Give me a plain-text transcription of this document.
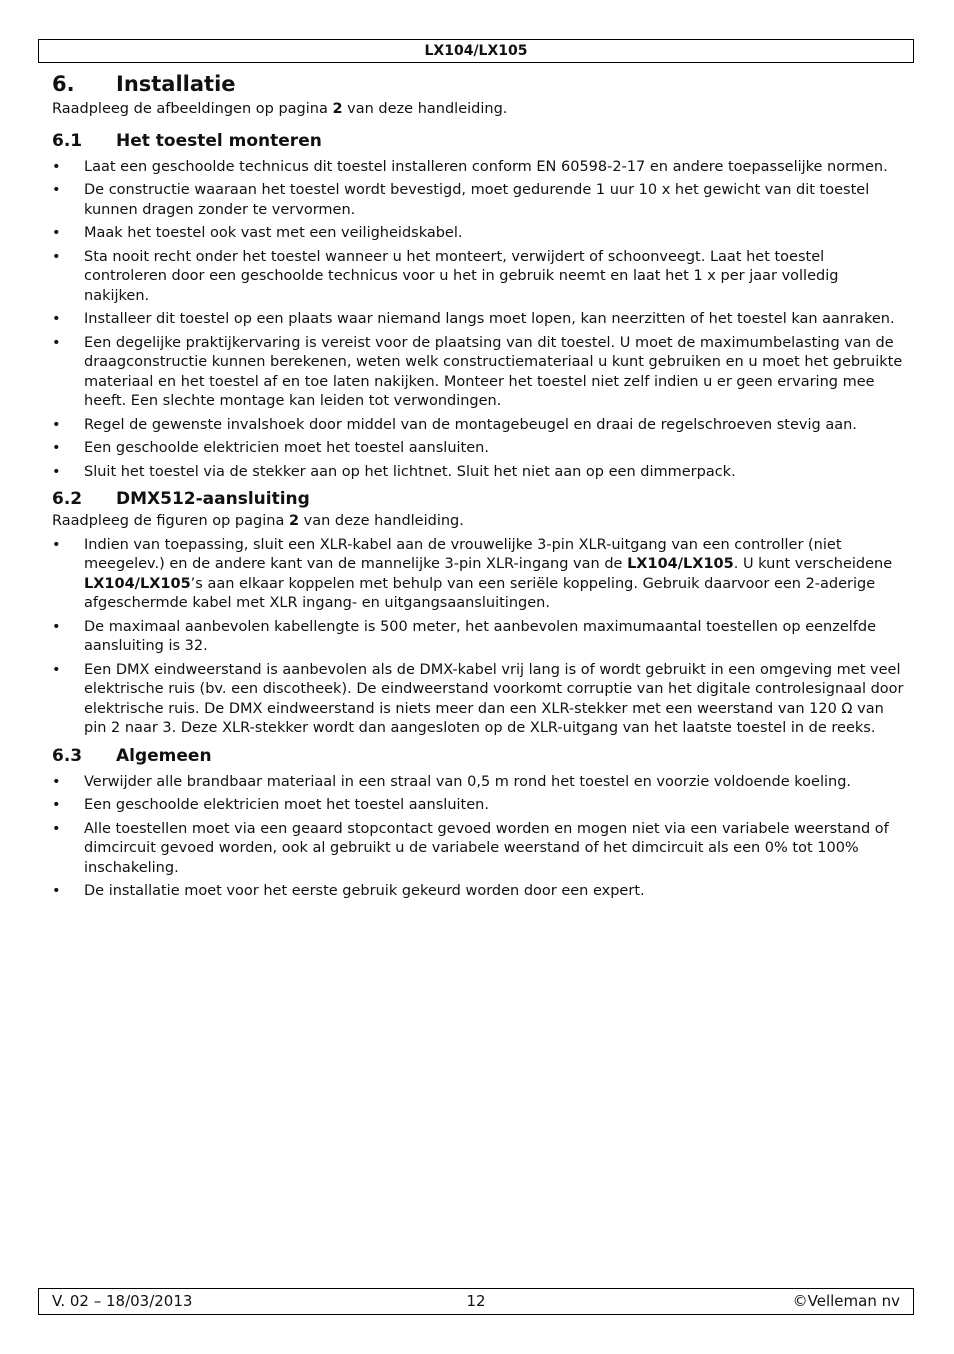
LX104/LX105
6.	Installatie

Raadpleeg de afbeeldingen op pagina 2 van deze handleiding.

6.1	Het toestel monteren
•	Laat een geschoolde technicus dit toestel installeren conform EN 60598-2-17 en andere toepasselijke normen.
•	De constructie waaraan het toestel wordt bevestigd, moet gedurende 1 uur 10 x het gewicht van dit toestel kunnen dragen zonder te vervormen.
•	Maak het toestel ook vast met een veiligheidskabel.
•	Sta nooit recht onder het toestel wanneer u het monteert, verwijdert of schoonveegt. Laat het toestel controleren door een geschoolde technicus voor u het in gebruik neemt en laat het 1 x per jaar volledig nakijken.
•	Installeer dit toestel op een plaats waar niemand langs moet lopen, kan neerzitten of het toestel kan aanraken.
•	Een degelijke praktijkervaring is vereist voor de plaatsing van dit toestel. U moet de maximumbelasting van de draagconstructie kunnen berekenen, weten welk constructiemateriaal u kunt gebruiken en u moet het gebruikte materiaal en het toestel af en toe laten nakijken. Monteer het toestel niet zelf indien u er geen ervaring mee heeft. Een slechte montage kan leiden tot verwondingen.
•	Regel de gewenste invalshoek door middel van de montagebeugel en draai de regelschroeven stevig aan.
•	Een geschoolde elektricien moet het toestel aansluiten.
•	Sluit het toestel via de stekker aan op het lichtnet. Sluit het niet aan op een dimmerpack.
6.2	DMX512-aansluiting

Raadpleeg de figuren op pagina 2 van deze handleiding.

•	Indien van toepassing, sluit een XLR-kabel aan de vrouwelijke 3-pin XLR-uitgang van een controller (niet meegelev.) en de andere kant van de mannelijke 3-pin XLR-ingang van de LX104/LX105. U kunt verscheidene LX104/LX105’s aan elkaar koppelen met behulp van een seriële koppeling. Gebruik daarvoor een 2-aderige afgeschermde kabel met XLR ingang- en uitgangsaansluitingen.
•	De maximaal aanbevolen kabellengte is 500 meter, het aanbevolen maximumaantal toestellen op eenzelfde aansluiting is 32.
•	Een DMX eindweerstand is aanbevolen als de DMX-kabel vrij lang is of wordt gebruikt in een omgeving met veel elektrische ruis (bv. een discotheek). De eindweerstand voorkomt corruptie van het digitale controlesignaal door elektrische ruis. De DMX eindweerstand is niets meer dan een XLR-stekker met een weerstand van 120 Ω van pin 2 naar 3. Deze XLR-stekker wordt dan aangesloten op de XLR-uitgang van het laatste toestel in de reeks.
6.3	Algemeen
•	Verwijder alle brandbaar materiaal in een straal van 0,5 m rond het toestel en voorzie voldoende koeling.
•	Een geschoolde elektricien moet het toestel aansluiten.
•	Alle toestellen moet via een geaard stopcontact gevoed worden en mogen niet via een variabele weerstand of dimcircuit gevoed worden, ook al gebruikt u de variabele weerstand of het dimcircuit als een 0% tot 100% inschakeling.
•	De installatie moet voor het eerste gebruik gekeurd worden door een expert.
12
V. 02 – 18/03/2013	©Velleman nv
